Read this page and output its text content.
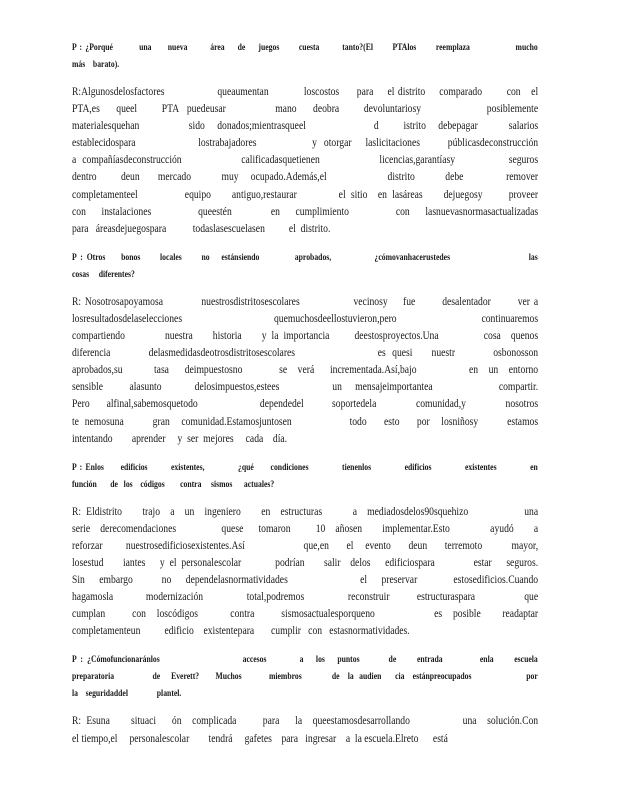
P : ¿Porqué        una     nueva       área    de    juegos      cuesta       tanto?(El      PTAlos      reemplaza              mucho
más    barato).
R:Algunosdelosfactores               queaumentan          loscostos     para    el distrito    comparado       con   el
PTA,es  queel   PTA puedeusar      mano  deobra   devoluntariosy        posiblemente
materialesquehan        sido  donados;mientrasqueel           d    istrito  debepagar     salarios
establecidospara         lostrabajadores        y otorgar  laslicitaciones    públicasdeconstrucción
a compañíasdeconstrucción          calificadasquetienen          licencias,garantíasy         seguros
dentro    deun   mercado     muy  ocupado.Además,el          distrito     debe       remover
completamenteel         equipo    antiguo,restaurar        el sitio  en lasáreas    dejuegosy     proveer
con  instalaciones      queestén     en  cumplimiento      con  lasnuevasnormasactualizadas
para   áreasdejuegospara           todaslasescuelasen          el  distrito.
P : Otros    bonos     locales     no   estánsiendo         aprobados,           ¿cómovanhacerustedes                    las
cosas     diferentes?
R: Nosotrosapoyamosa          nuestrosdistritosescolares              vecinosy    fue       desalentador       ver a
losresultadosdelaselecciones             quemuchosdeellostuvieron,pero            continuaremos
compartiendo        nuestra    historia    y la importancia     deestosproyectos.Una         cosa  quenos
diferencia      delasmedidasdeotrosdistritosescolares             es quesi   nuestr      osbonosson
aprobados,su      tasa   deimpuestosno       se  verá   incrementada.Así,bajo          en  un  entorno
sensible    alasunto     delosimpuestos,estees        un  mensajeimportantea          compartir.
Pero   alfinal,sabemosquetodo           dependedel     soportedela       comunidad,y       nosotros
te nemosuna     gran  comunidad.Estamosjuntosen          todo   esto   por  losniñosy     estamos
intentando        aprender     y  ser  mejores     cada    día.
P : Enlos     edificios       existentes,          ¿qué     condiciones          tienenlos          edificios          existentes          en
función       de   los    códigos        contra     sismos      actuales?
R: Eldistrito    trajo  a  un  ingeniero    en  estructuras      a  mediadosdelos90squehizo           una
serie  derecomendaciones         quese   tomaron     10  añosen    implementar.Esto        ayudó    a
reforzar    nuestrosedificiosexistentes.Así          que,en   el  evento   deun   terremoto     mayor,
losestud    iantes   y el personalescolar       podrían    salir  delos   edificiospara        estar   seguros.
Sin  embargo    no  dependelasnormatividades          el  preservar     estosedificios.Cuando
hagamosla      modernización        total,podremos        reconstruir     estructuraspara         que
cumplan     con  loscódigos      contra     sismosactualesporqueno           es  posible    readaptar
completamenteun          edificio    existentepara       cumplir   con   estasnormatividades.
P : ¿Cómofuncionaránlos                    accesos        a   los   puntos       de     entrada         enla     escuela
preparatoria              de    Everett?      Muchos          miembros           de   la  audien     cia   estánpreocupados                    por
la    seguridaddel               plantel.
R: Esuna    situaci   ón  complicada     para   la  queestamosdesarrollando          una  solución.Con
el tiempo,el     personalescolar        tendrá     gafetes    para   ingresar    a  la escuela.Elreto      está
